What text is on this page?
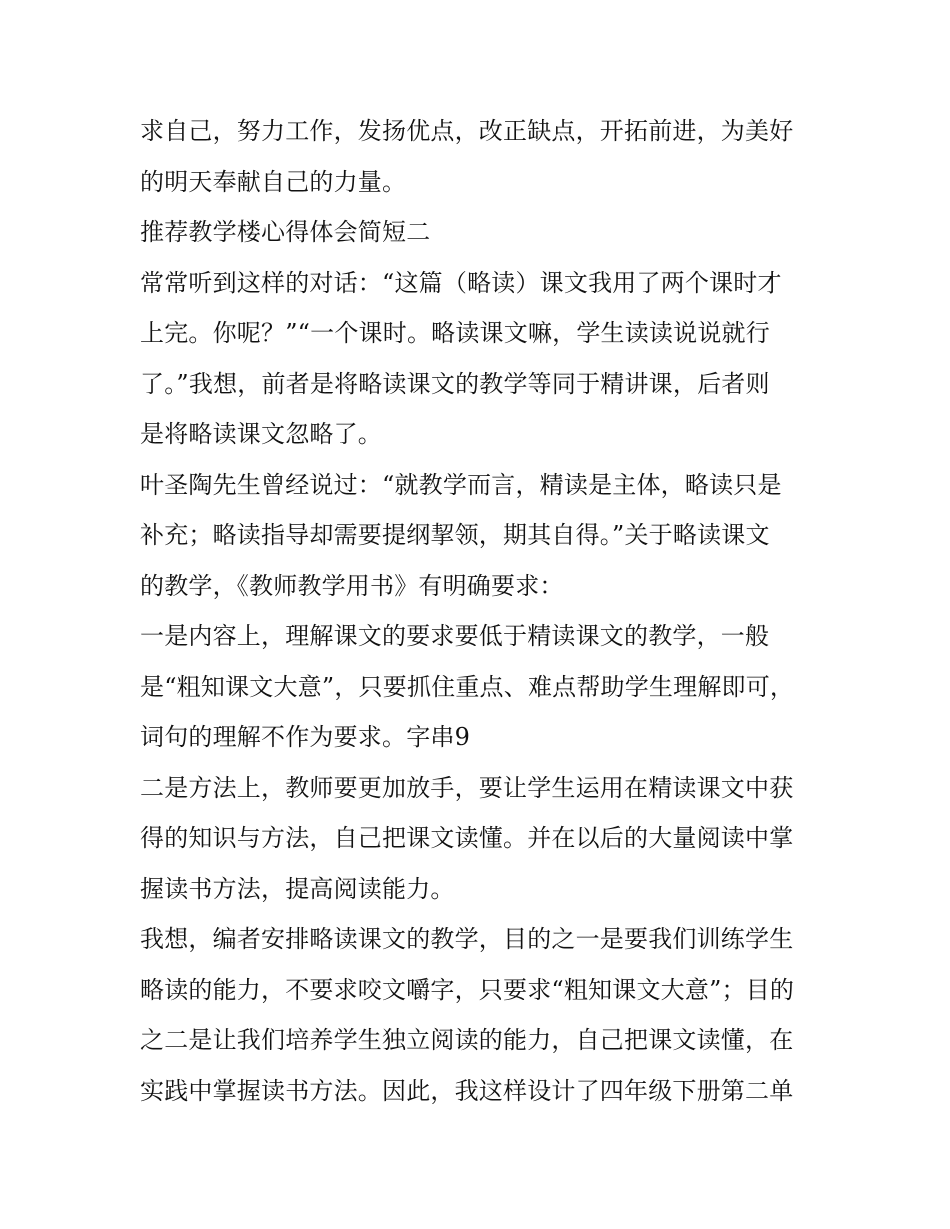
求自己，努力工作，发扬优点，改正缺点，开拓前进，为美好
的明天奉献自己的力量。
推荐教学楼心得体会简短二
常常听到这样的对话：“这篇（略读）课文我用了两个课时才
上完。你呢？”“一个课时。略读课文嘛，学生读读说说就行
了。”我想，前者是将略读课文的教学等同于精讲课，后者则
是将略读课文忽略了。
叶圣陶先生曾经说过：“就教学而言，精读是主体，略读只是
补充；略读指导却需要提纲挈领，期其自得。”关于略读课文
的教学，《教师教学用书》有明确要求：
一是内容上，理解课文的要求要低于精读课文的教学，一般
是“粗知课文大意”，只要抓住重点、难点帮助学生理解即可，
词句的理解不作为要求。字串9
二是方法上，教师要更加放手，要让学生运用在精读课文中获
得的知识与方法，自己把课文读懂。并在以后的大量阅读中掌
握读书方法，提高阅读能力。
我想，编者安排略读课文的教学，目的之一是要我们训练学生
略读的能力，不要求咬文嚼字，只要求“粗知课文大意”；目的
之二是让我们培养学生独立阅读的能力，自己把课文读懂，在
实践中掌握读书方法。因此，我这样设计了四年级下册第二单
